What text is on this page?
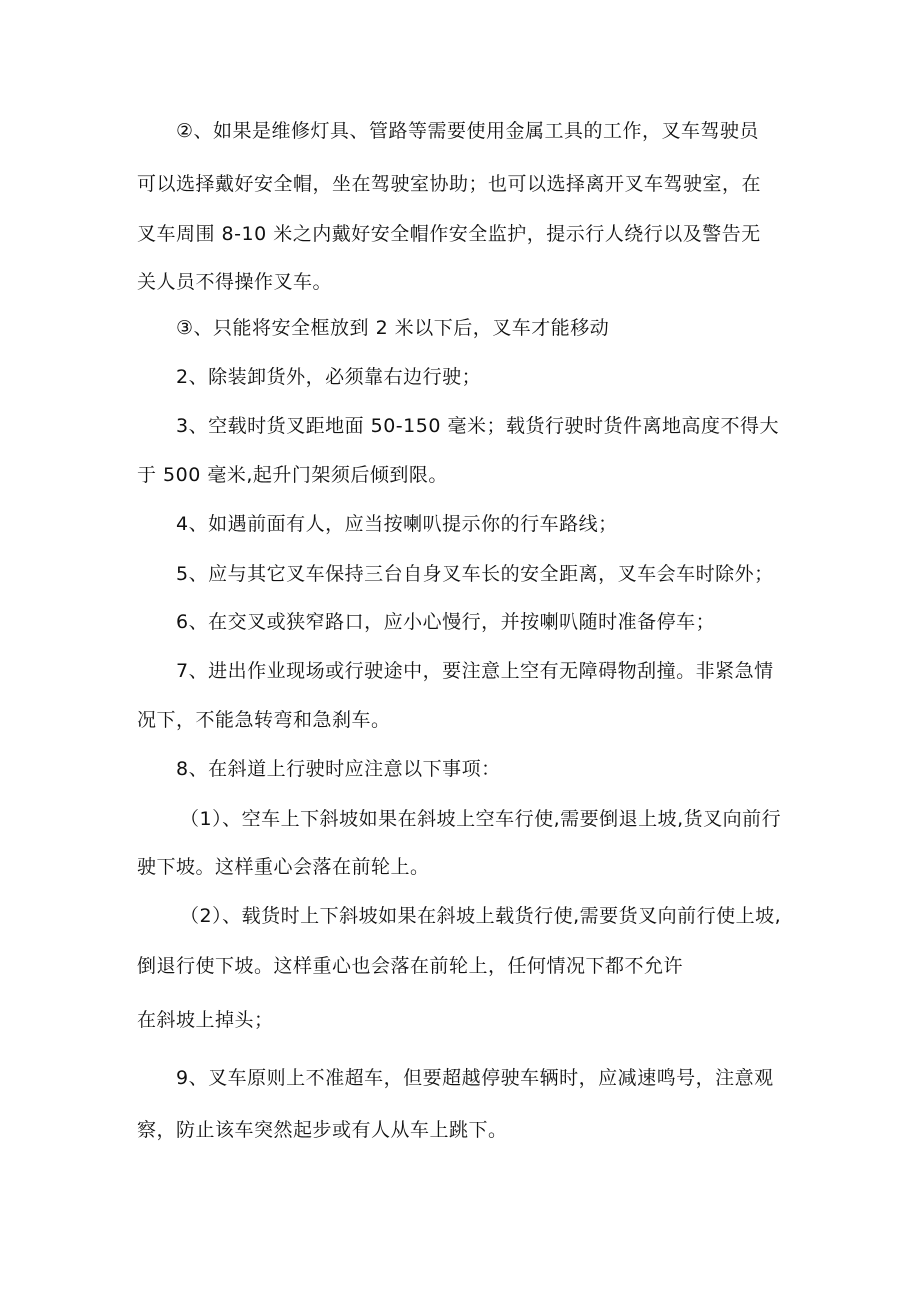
②、如果是维修灯具、管路等需要使用金属工具的工作，叉车驾驶员
可以选择戴好安全帽，坐在驾驶室协助；也可以选择离开叉车驾驶室，在
叉车周围 8-10 米之内戴好安全帽作安全监护，提示行人绕行以及警告无
关人员不得操作叉车。
③、只能将安全框放到 2 米以下后，叉车才能移动
2、除装卸货外，必须靠右边行驶；
3、空载时货叉距地面 50-150 毫米；载货行驶时货件离地高度不得大
于 500 毫米,起升门架须后倾到限。
4、如遇前面有人，应当按喇叭提示你的行车路线；
5、应与其它叉车保持三台自身叉车长的安全距离，叉车会车时除外；
6、在交叉或狭窄路口，应小心慢行，并按喇叭随时准备停车；
7、进出作业现场或行驶途中，要注意上空有无障碍物刮撞。非紧急情
况下，不能急转弯和急刹车。
8、在斜道上行驶时应注意以下事项：
（1）、空车上下斜坡如果在斜坡上空车行使,需要倒退上坡,货叉向前行
驶下坡。这样重心会落在前轮上。
（2）、载货时上下斜坡如果在斜坡上载货行使,需要货叉向前行使上坡,
倒退行使下坡。这样重心也会落在前轮上，任何情况下都不允许
在斜坡上掉头；
9、叉车原则上不准超车，但要超越停驶车辆时，应减速鸣号，注意观
察，防止该车突然起步或有人从车上跳下。
